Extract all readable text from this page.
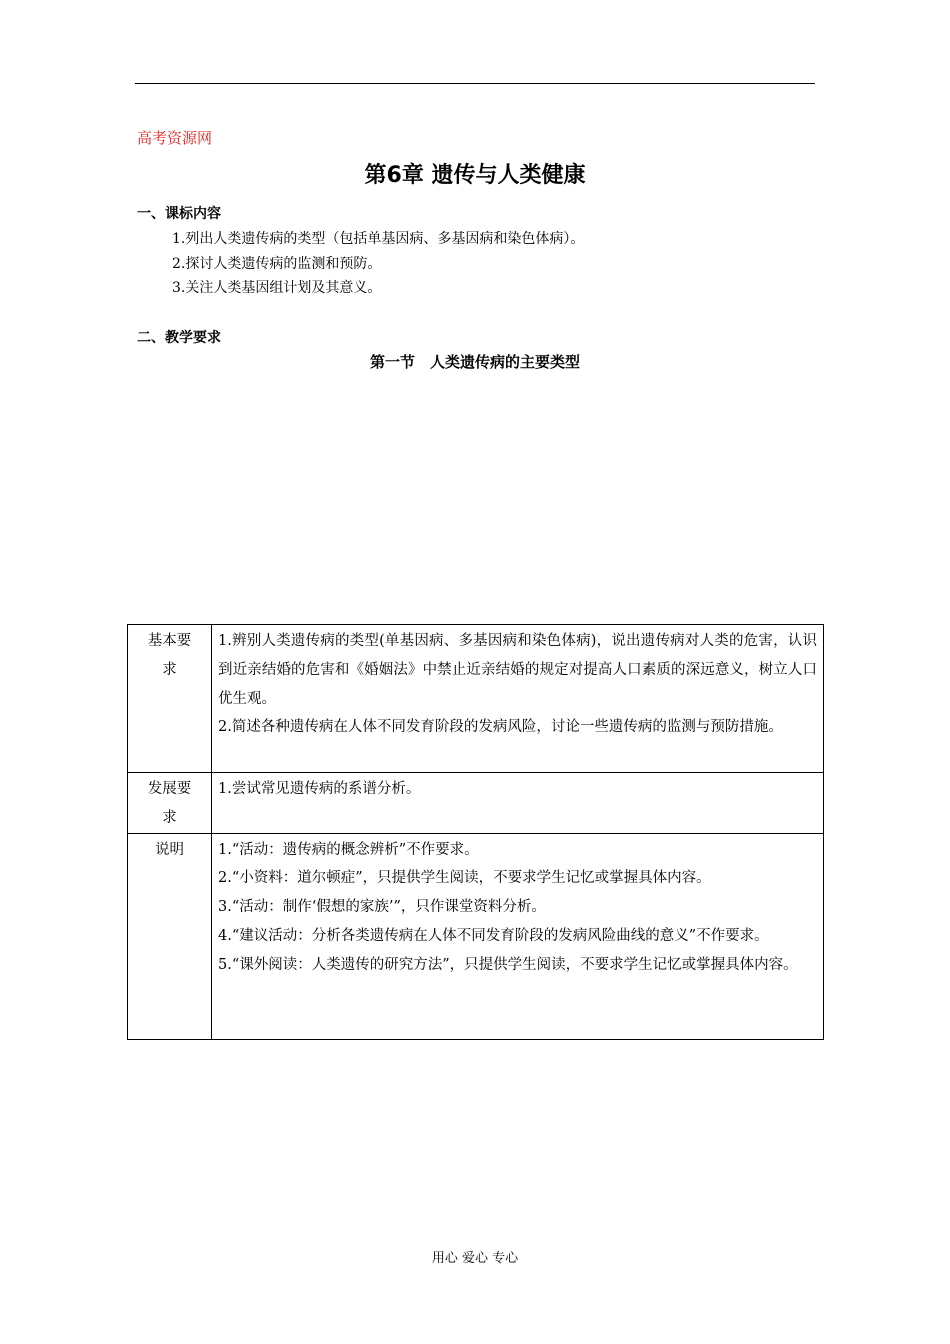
高考资源网
第6章 遗传与人类健康
一、课标内容
1.列出人类遗传病的类型（包括单基因病、多基因病和染色体病）。
2.探讨人类遗传病的监测和预防。
3.关注人类基因组计划及其意义。
二、教学要求
第一节　人类遗传病的主要类型
基本要求	1.辨别人类遗传病的类型(单基因病、多基因病和染色体病)，说出遗传病对人类的危害，认识到近亲结婚的危害和《婚姻法》中禁止近亲结婚的规定对提高人口素质的深远意义，树立人口优生观。

2.简述各种遗传病在人体不同发育阶段的发病风险，讨论一些遗传病的监测与预防措施。

发展要求	1.尝试常见遗传病的系谱分析。

说明	1.“活动：遗传病的概念辨析”不作要求。

2.“小资料：道尔顿症”，只提供学生阅读，不要求学生记忆或掌握具体内容。

3.“活动：制作‘假想的家族’”，只作课堂资料分析。

4.“建议活动：分析各类遗传病在人体不同发育阶段的发病风险曲线的意义”不作要求。

5.“课外阅读：人类遗传的研究方法”，只提供学生阅读，不要求学生记忆或掌握具体内容。

用心 爱心 专心
